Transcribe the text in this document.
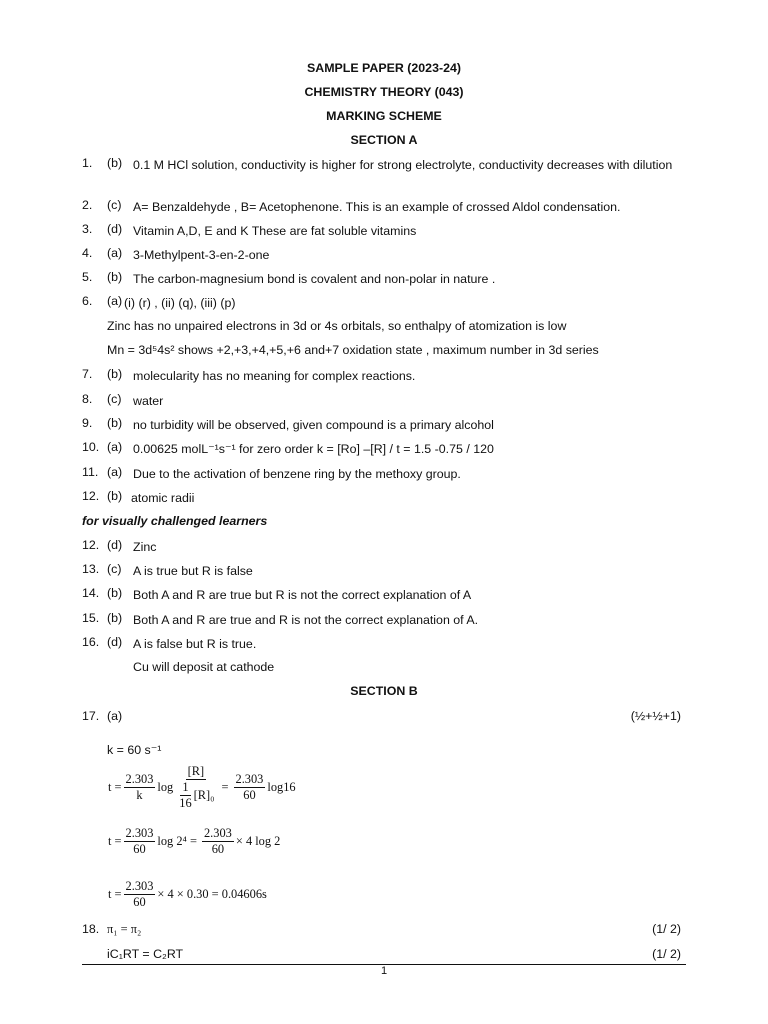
SAMPLE PAPER (2023-24)
CHEMISTRY THEORY (043)
MARKING SCHEME
SECTION A
1. (b) 0.1 M HCl solution, conductivity is higher for strong electrolyte, conductivity decreases with dilution
2. (c) A= Benzaldehyde , B= Acetophenone. This is an example of crossed Aldol condensation.
3. (d) Vitamin A,D, E and K These are fat soluble vitamins
4. (a) 3-Methylpent-3-en-2-one
5. (b) The carbon-magnesium bond is covalent and non-polar in nature .
6. (a) (i) (r) , (ii) (q), (iii) (p)
Zinc has no unpaired electrons in 3d or 4s orbitals, so enthalpy of atomization is low
Mn = 3d⁵4s² shows +2,+3,+4,+5,+6 and+7 oxidation state , maximum number in 3d series
7. (b) molecularity has no meaning for complex reactions.
8. (c) water
9. (b) no turbidity will be observed, given compound is a primary alcohol
10. (a) 0.00625 molL⁻¹s⁻¹ for zero order k = [Ro] –[R] / t = 1.5 -0.75 / 120
11. (a) Due to the activation of benzene ring by the methoxy group.
12. (b) atomic radii
for visually challenged learners
12. (d) Zinc
13. (c) A is true but R is false
14. (b) Both A and R are true but R is not the correct explanation of A
15. (b) Both A and R are true and R is not the correct explanation of A.
16. (d) A is false but R is true.
Cu will deposit at cathode
SECTION B
17. (a)	(½+½+1)
k = 60 s⁻¹
$t = \frac{2.303}{k}$ $\log \frac{[R]}{\frac{1}{16} [R]_0} = \frac{2.303}{60} \log 16$
$t = \frac{2.303}{60}$ $\log 2^4 = \frac{2.303}{60} \times 4$ log 2
$t = \frac{2.303}{60} \times 4 \times 0.30 = 0.04606s$
18. π₁ = π₂	(1/ 2)
iC₁RT = C₂RT	(1/ 2)
1
